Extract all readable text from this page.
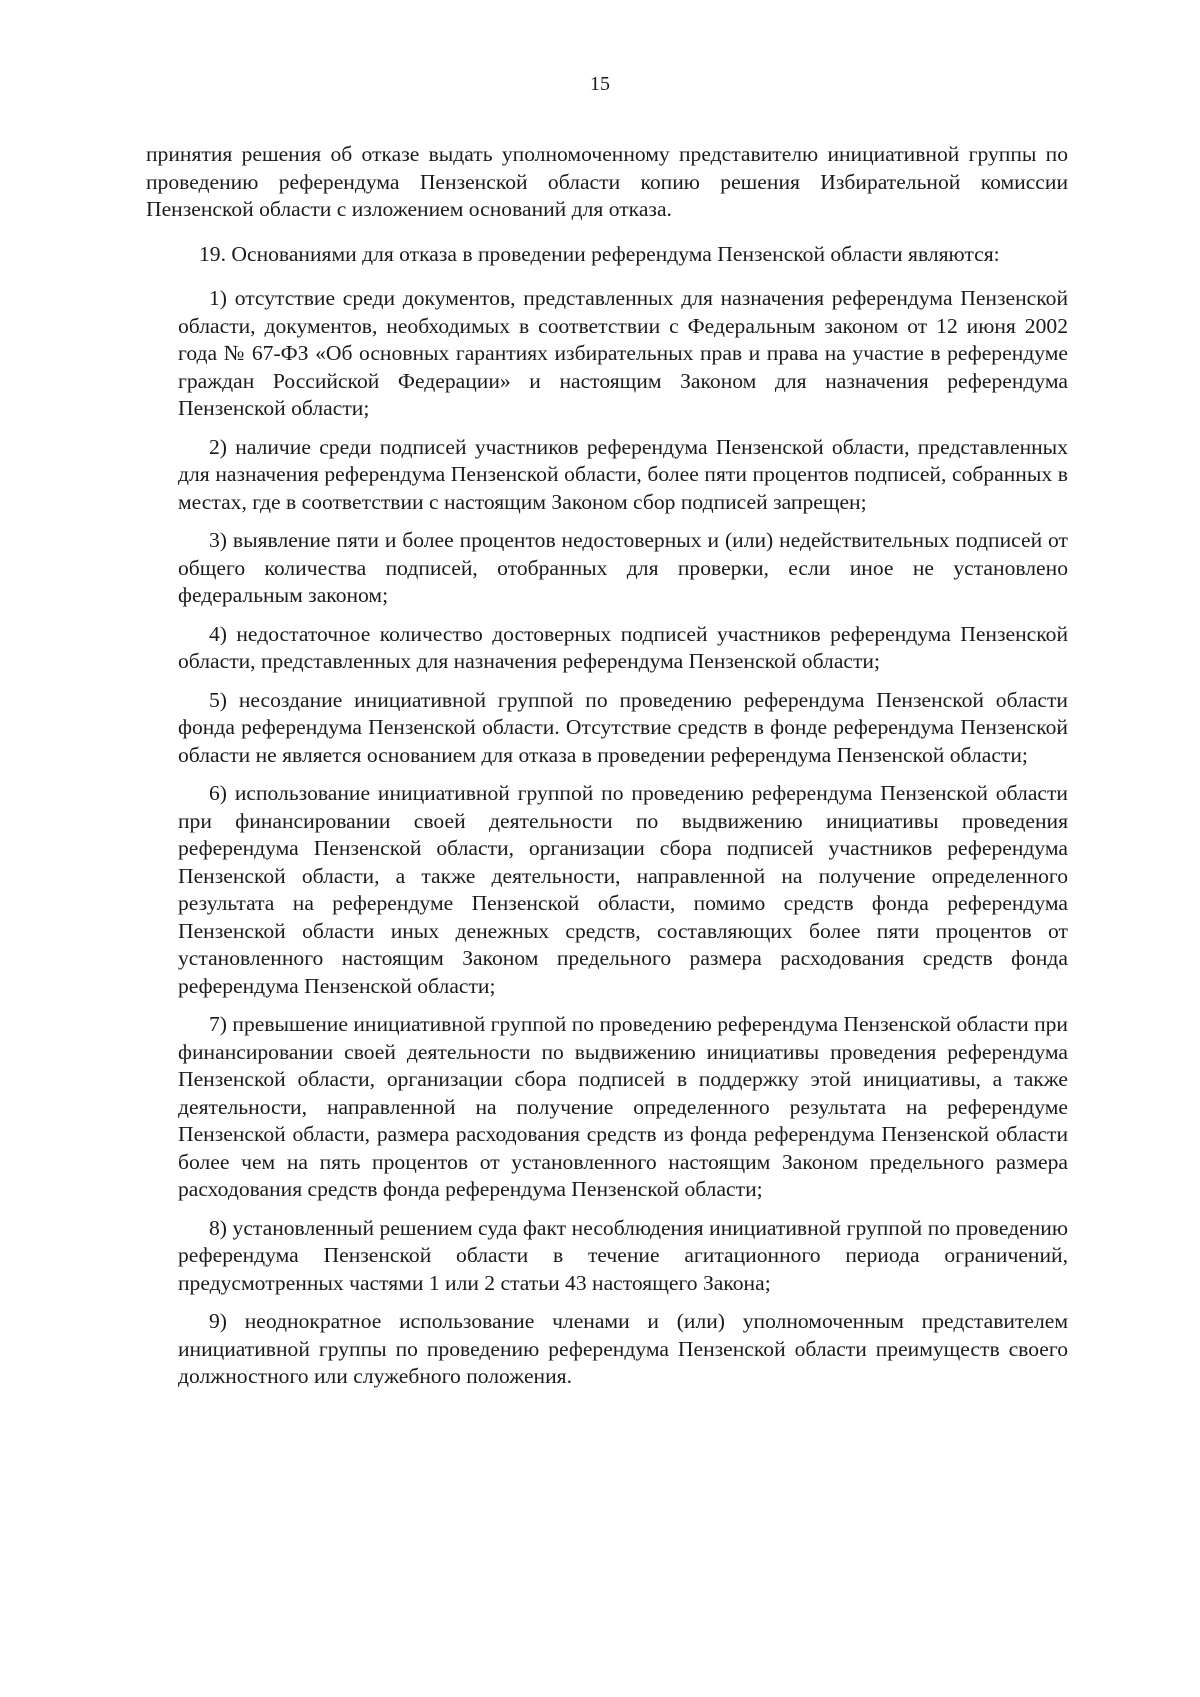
15

принятия решения об отказе выдать уполномоченному представителю инициативной группы по проведению референдума Пензенской области копию решения Избирательной комиссии Пензенской области с изложением оснований для отказа.

19. Основаниями для отказа в проведении референдума Пензенской области являются:

1) отсутствие среди документов, представленных для назначения референдума Пензенской области, документов, необходимых в соответствии с Федеральным законом от 12 июня 2002 года № 67-ФЗ «Об основных гарантиях избирательных прав и права на участие в референдуме граждан Российской Федерации» и настоящим Законом для назначения референдума Пензенской области;

2) наличие среди подписей участников референдума Пензенской области, представленных для назначения референдума Пензенской области, более пяти процентов подписей, собранных в местах, где в соответствии с настоящим Законом сбор подписей запрещен;

3) выявление пяти и более процентов недостоверных и (или) недействительных подписей от общего количества подписей, отобранных для проверки, если иное не установлено федеральным законом;

4) недостаточное количество достоверных подписей участников референдума Пензенской области, представленных для назначения референдума Пензенской области;

5) несоздание инициативной группой по проведению референдума Пензенской области фонда референдума Пензенской области. Отсутствие средств в фонде референдума Пензенской области не является основанием для отказа в проведении референдума Пензенской области;

6) использование инициативной группой по проведению референдума Пензенской области при финансировании своей деятельности по выдвижению инициативы проведения референдума Пензенской области, организации сбора подписей участников референдума Пензенской области, а также деятельности, направленной на получение определенного результата на референдуме Пензенской области, помимо средств фонда референдума Пензенской области иных денежных средств, составляющих более пяти процентов от установленного настоящим Законом предельного размера расходования средств фонда референдума Пензенской области;

7) превышение инициативной группой по проведению референдума Пензенской области при финансировании своей деятельности по выдвижению инициативы проведения референдума Пензенской области, организации сбора подписей в поддержку этой инициативы, а также деятельности, направленной на получение определенного результата на референдуме Пензенской области, размера расходования средств из фонда референдума Пензенской области более чем на пять процентов от установленного настоящим Законом предельного размера расходования средств фонда референдума Пензенской области;

8) установленный решением суда факт несоблюдения инициативной группой по проведению референдума Пензенской области в течение агитационного периода ограничений, предусмотренных частями 1 или 2 статьи 43 настоящего Закона;

9) неоднократное использование членами и (или) уполномоченным представителем инициативной группы по проведению референдума Пензенской области преимуществ своего должностного или служебного положения.
